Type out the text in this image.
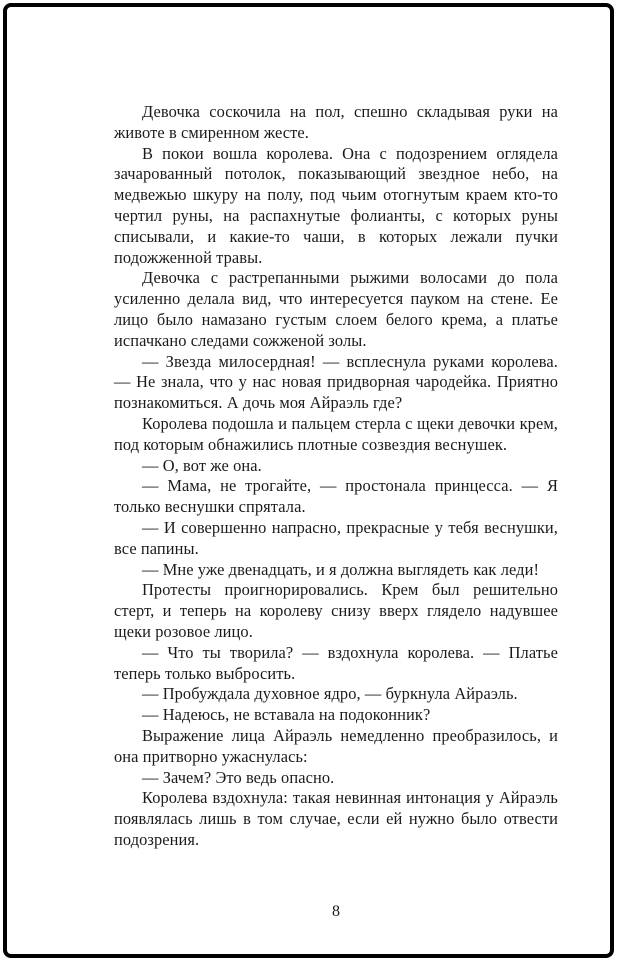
Девочка соскочила на пол, спешно складывая руки на животе в смиренном жесте.

В покои вошла королева. Она с подозрением оглядела зачарованный потолок, показывающий звездное небо, на медвежью шкуру на полу, под чьим отогнутым краем кто-то чертил руны, на распахнутые фолианты, с которых руны списывали, и какие-то чаши, в которых лежали пучки подожженной травы.

Девочка с растрепанными рыжими волосами до пола усиленно делала вид, что интересуется пауком на стене. Ее лицо было намазано густым слоем белого крема, а платье испачкано следами сожженой золы.

— Звезда милосердная! — всплеснула руками королева. — Не знала, что у нас новая придворная чародейка. Приятно познакомиться. А дочь моя Айраэль где?

Королева подошла и пальцем стерла с щеки девочки крем, под которым обнажились плотные созвездия веснушек.

— О, вот же она.

— Мама, не трогайте, — простонала принцесса. — Я только веснушки спрятала.

— И совершенно напрасно, прекрасные у тебя веснушки, все папины.

— Мне уже двенадцать, и я должна выглядеть как леди!

Протесты проигнорировались. Крем был решительно стерт, и теперь на королеву снизу вверх глядело надувшее щеки розовое лицо.

— Что ты творила? — вздохнула королева. — Платье теперь только выбросить.

— Пробуждала духовное ядро, — буркнула Айраэль.

— Надеюсь, не вставала на подоконник?

Выражение лица Айраэль немедленно преобразилось, и она притворно ужаснулась:

— Зачем? Это ведь опасно.

Королева вздохнула: такая невинная интонация у Айраэль появлялась лишь в том случае, если ей нужно было отвести подозрения.

8
